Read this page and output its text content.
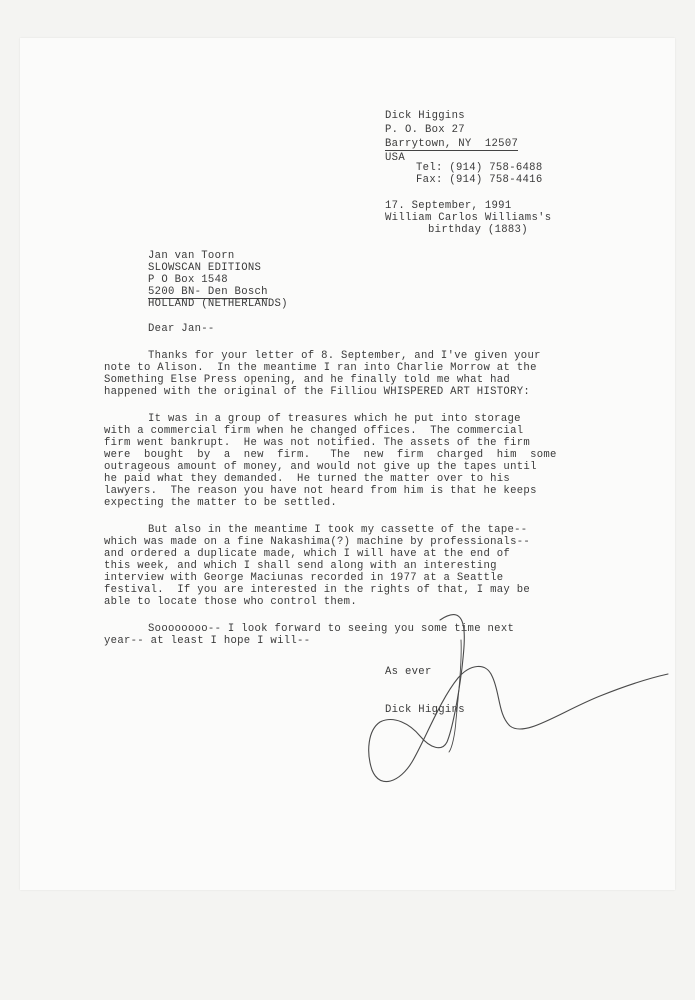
Dick Higgins
P. O. Box 27
Barrytown, NY  12507
USA
Tel: (914) 758-6488
Fax: (914) 758-4416
17. September, 1991
William Carlos Williams's
birthday (1883)
Jan van Toorn
SLOWSCAN EDITIONS
P O Box 1548
5200 BN- Den Bosch
HOLLAND (NETHERLANDS)
Dear Jan--
Thanks for your letter of 8. September, and I've given your
note to Alison.  In the meantime I ran into Charlie Morrow at the
Something Else Press opening, and he finally told me what had
happened with the original of the Filliou WHISPERED ART HISTORY:
It was in a group of treasures which he put into storage
with a commercial firm when he changed offices.  The commercial
firm went bankrupt.  He was not notified. The assets of the firm
were  bought  by  a  new  firm.   The  new  firm  charged  him  some
outrageous amount of money, and would not give up the tapes until
he paid what they demanded.  He turned the matter over to his
lawyers.  The reason you have not heard from him is that he keeps
expecting the matter to be settled.
But also in the meantime I took my cassette of the tape--
which was made on a fine Nakashima(?) machine by professionals--
and ordered a duplicate made, which I will have at the end of
this week, and which I shall send along with an interesting
interview with George Maciunas recorded in 1977 at a Seattle
festival.  If you are interested in the rights of that, I may be
able to locate those who control them.
Soooooooo-- I look forward to seeing you some time next
year-- at least I hope I will--
As ever
Dick Higgins
